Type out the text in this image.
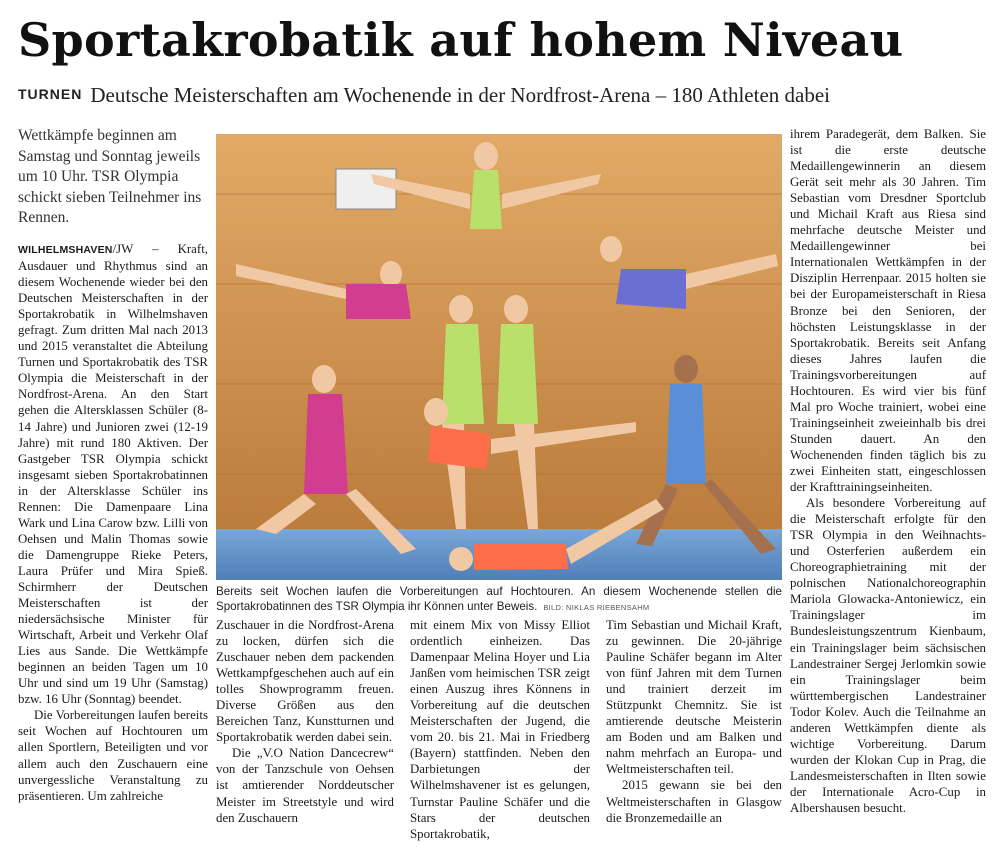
Sportakrobatik auf hohem Niveau
TURNEN Deutsche Meisterschaften am Wochenende in der Nordfrost-Arena – 180 Athleten dabei
Wettkämpfe beginnen am Samstag und Sonntag jeweils um 10 Uhr. TSR Olympia schickt sieben Teilnehmer ins Rennen.

WILHELMSHAVEN/JW – Kraft, Ausdauer und Rhythmus sind an diesem Wochenende wieder bei den Deutschen Meisterschaften in der Sportakrobatik in Wilhelmshaven gefragt. Zum dritten Mal nach 2013 und 2015 veranstaltet die Abteilung Turnen und Sportakrobatik des TSR Olympia die Meisterschaft in der Nordfrost-Arena. An den Start gehen die Altersklassen Schüler (8-14 Jahre) und Junioren zwei (12-19 Jahre) mit rund 180 Aktiven. Der Gastgeber TSR Olympia schickt insgesamt sieben Sportakrobatinnen in der Altersklasse Schüler ins Rennen: Die Damenpaare Lina Wark und Lina Carow bzw. Lilli von Oehsen und Malin Thomas sowie die Damengruppe Rieke Peters, Laura Prüfer und Mira Spieß. Schirmherr der Deutschen Meisterschaften ist der niedersächsische Minister für Wirtschaft, Arbeit und Verkehr Olaf Lies aus Sande. Die Wettkämpfe beginnen an beiden Tagen um 10 Uhr und sind um 19 Uhr (Samstag) bzw. 16 Uhr (Sonntag) beendet.

Die Vorbereitungen laufen bereits seit Wochen auf Hochtouren um allen Sportlern, Beteiligten und vor allem auch den Zuschauern eine unvergessliche Veranstaltung zu präsentieren. Um zahlreiche

Bereits seit Wochen laufen die Vorbereitungen auf Hochtouren. An diesem Wochenende stellen die Sportakrobatinnen des TSR Olympia ihr Können unter Beweis. BILD: NIKLAS RIEBENSAHM

Zuschauer in die Nordfrost-Arena zu locken, dürfen sich die Zuschauer neben dem packenden Wettkampfgeschehen auch auf ein tolles Showprogramm freuen. Diverse Größen aus den Bereichen Tanz, Kunstturnen und Sportakrobatik werden dabei sein.

Die „V.O Nation Dancecrew“ von der Tanzschule von Oehsen ist amtierender Norddeutscher Meister im Streetstyle und wird den Zuschauern

mit einem Mix von Missy Elliot ordentlich einheizen. Das Damenpaar Melina Hoyer und Lia Janßen vom heimischen TSR zeigt einen Auszug ihres Könnens in Vorbereitung auf die deutschen Meisterschaften der Jugend, die vom 20. bis 21. Mai in Friedberg (Bayern) stattfinden. Neben den Darbietungen der Wilhelmshavener ist es gelungen, Turnstar Pauline Schäfer und die Stars der deutschen Sportakrobatik,

Tim Sebastian und Michail Kraft, zu gewinnen. Die 20-jährige Pauline Schäfer begann im Alter von fünf Jahren mit dem Turnen und trainiert derzeit im Stützpunkt Chemnitz. Sie ist amtierende deutsche Meisterin am Boden und am Balken und nahm mehrfach an Europa- und Weltmeisterschaften teil.

2015 gewann sie bei den Weltmeisterschaften in Glasgow die Bronzemedaille an

ihrem Paradegerät, dem Balken. Sie ist die erste deutsche Medaillengewinnerin an diesem Gerät seit mehr als 30 Jahren. Tim Sebastian vom Dresdner Sportclub und Michail Kraft aus Riesa sind mehrfache deutsche Meister und Medaillengewinner bei Internationalen Wettkämpfen in der Disziplin Herrenpaar. 2015 holten sie bei der Europameisterschaft in Riesa Bronze bei den Senioren, der höchsten Leistungsklasse in der Sportakrobatik. Bereits seit Anfang dieses Jahres laufen die Trainingsvorbereitungen auf Hochtouren. Es wird vier bis fünf Mal pro Woche trainiert, wobei eine Trainingseinheit zweieinhalb bis drei Stunden dauert. An den Wochenenden finden täglich bis zu zwei Einheiten statt, eingeschlossen der Krafttrainingseinheiten.

Als besondere Vorbereitung auf die Meisterschaft erfolgte für den TSR Olympia in den Weihnachts- und Osterferien außerdem ein Choreographietraining mit der polnischen Nationalchoreographin Mariola Glowacka-Antoniewicz, ein Trainingslager im Bundesleistungszentrum Kienbaum, ein Trainingslager beim sächsischen Landestrainer Sergej Jerlomkin sowie ein Trainingslager beim württembergischen Landestrainer Todor Kolev. Auch die Teilnahme an anderen Wettkämpfen diente als wichtige Vorbereitung. Darum wurden der Klokan Cup in Prag, die Landesmeisterschaften in Ilten sowie der Internationale Acro-Cup in Albershausen besucht.
